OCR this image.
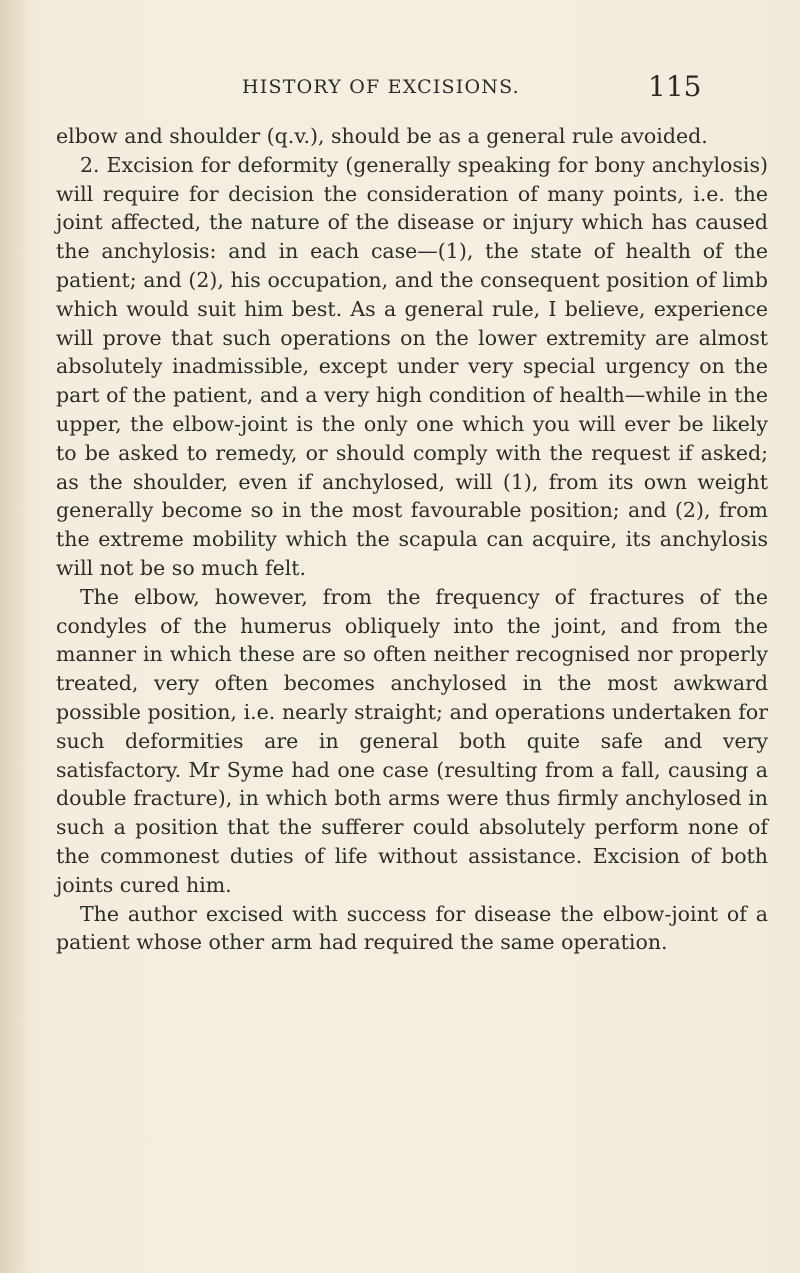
HISTORY OF EXCISIONS.	115

elbow and shoulder (q.v.), should be as a general rule avoided.

2. Excision for deformity (generally speaking for bony anchylosis) will require for decision the consideration of many points, i.e. the joint affected, the nature of the disease or injury which has caused the anchylosis: and in each case—(1), the state of health of the patient; and (2), his occupation, and the consequent position of limb which would suit him best. As a general rule, I believe, experience will prove that such operations on the lower extremity are almost absolutely inadmissible, except under very special urgency on the part of the patient, and a very high condition of health—while in the upper, the elbow-joint is the only one which you will ever be likely to be asked to remedy, or should comply with the request if asked; as the shoulder, even if anchylosed, will (1), from its own weight generally become so in the most favourable position; and (2), from the extreme mobility which the scapula can acquire, its anchylosis will not be so much felt.

The elbow, however, from the frequency of fractures of the condyles of the humerus obliquely into the joint, and from the manner in which these are so often neither recognised nor properly treated, very often becomes anchylosed in the most awkward possible position, i.e. nearly straight; and operations undertaken for such deformities are in general both quite safe and very satisfactory. Mr Syme had one case (resulting from a fall, causing a double fracture), in which both arms were thus firmly anchylosed in such a position that the sufferer could absolutely perform none of the commonest duties of life without assistance. Excision of both joints cured him.

The author excised with success for disease the elbow-joint of a patient whose other arm had required the same operation.
